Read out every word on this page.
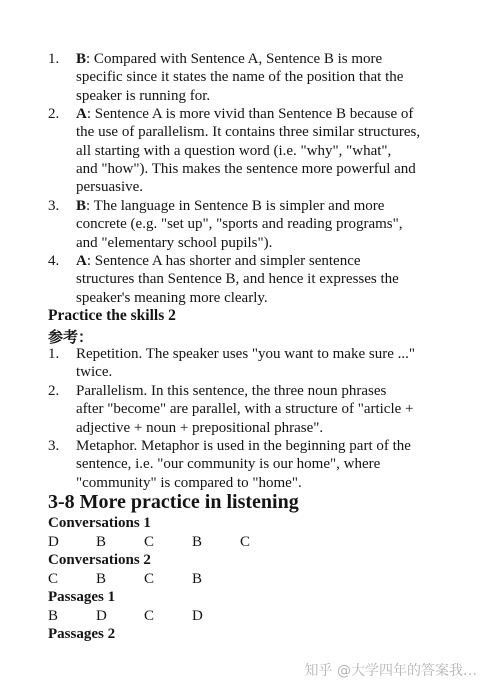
1. B: Compared with Sentence A, Sentence B is more
specific since it states the name of the position that the
speaker is running for.
2. A: Sentence A is more vivid than Sentence B because of
the use of parallelism. It contains three similar structures,
all starting with a question word (i.e. "why", "what",
and "how"). This makes the sentence more powerful and
persuasive.
3. B: The language in Sentence B is simpler and more
concrete (e.g. "set up", "sports and reading programs",
and "elementary school pupils").
4. A: Sentence A has shorter and simpler sentence
structures than Sentence B, and hence it expresses the
speaker's meaning more clearly.
Practice the skills 2
参考：
1. Repetition. The speaker uses "you want to make sure ..."
twice.
2. Parallelism. In this sentence, the three noun phrases
after "become" are parallel, with a structure of "article +
adjective + noun + prepositional phrase".
3. Metaphor. Metaphor is used in the beginning part of the
sentence, i.e. "our community is our home", where
"community" is compared to "home".
3-8 More practice in listening
Conversations 1
D B	C	B	C
Conversations 2
C	B	C	B
Passages 1
B	D C	D
Passages 2
知乎 @大学四年的答案我…
